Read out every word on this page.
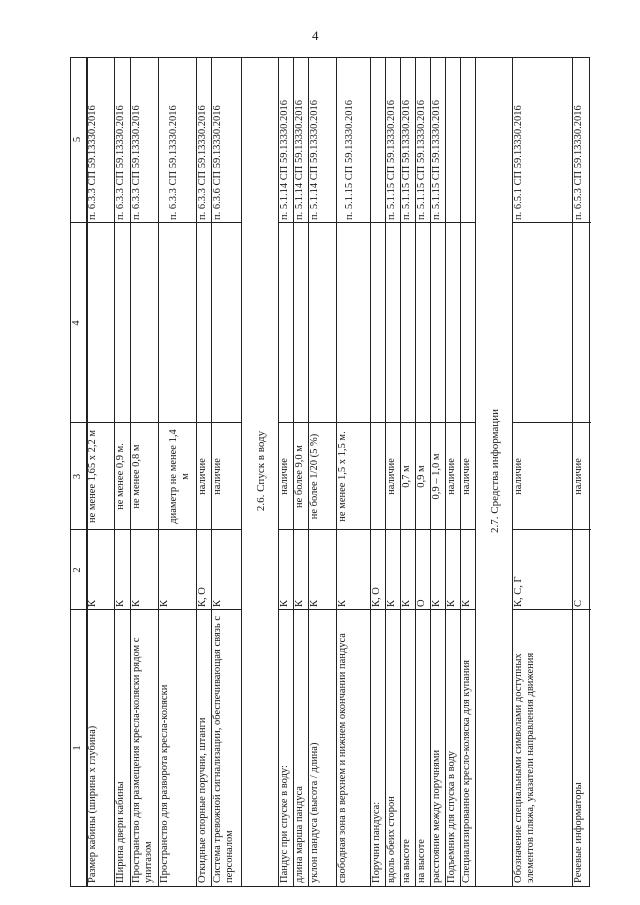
4
1
2
3
4
5
Размер кабины (ширина х глубина)
К
не менее 1,65 х 2,2 м
п. 6.3.3 СП 59.13330.2016
Ширина двери кабины
К
не менее 0,9 м.
п. 6.3.3 СП 59.13330.2016
Пространство для размещения кресла-коляски рядом с унитазом
К
не менее 0,8 м
п. 6.3.3 СП 59.13330.2016
Пространство для разворота кресла-коляски
К
диаметр не менее 1,4 м
п. 6.3.3 СП 59.13330.2016
Откидные опорные поручни, штанги
К, О
наличие
п. 6.3.3 СП 59.13330.2016
Система тревожной сигнализации, обеспечивающая связь с персоналом
К
наличие
п. 6.3.6 СП 59.13330.2016
2.6. Спуск в воду
Пандус при спуске в воду:
К
наличие
п. 5.1.14 СП 59.13330.2016
длина марша пандуса
К
не более 9,0 м
п. 5.1.14 СП 59.13330.2016
уклон пандуса (высота / длина)
К
не более 1/20 (5 %)
п. 5.1.14 СП 59.13330.2016
свободная зона в верхнем и нижнем окончании пандуса
К
не менее 1,5 х 1,5 м.
п. 5.1.15 СП 59.13330.2016
Поручни пандуса:
К, О
вдоль обеих сторон
К
наличие
п. 5.1.15 СП 59.13330.2016
на высоте
К
0,7 м
п. 5.1.15 СП 59.13330.2016
на высоте
О
0,9 м
п. 5.1.15 СП 59.13330.2016
расстояние между поручнями
К
0,9 – 1,0 м
п. 5.1.15 СП 59.13330.2016
Подъемник для спуска в воду
К
наличие
Специализированное кресло-коляска для купания
К
наличие 2.7. Средства информации
Обозначение специальными символами доступных элементов пляжа, указатели направления движения
К, С, Г
наличие
п. 6.5.1 СП 59.13330.2016
Речевые информаторы
С
наличие
п. 6.5.3 СП 59.13330.2016
